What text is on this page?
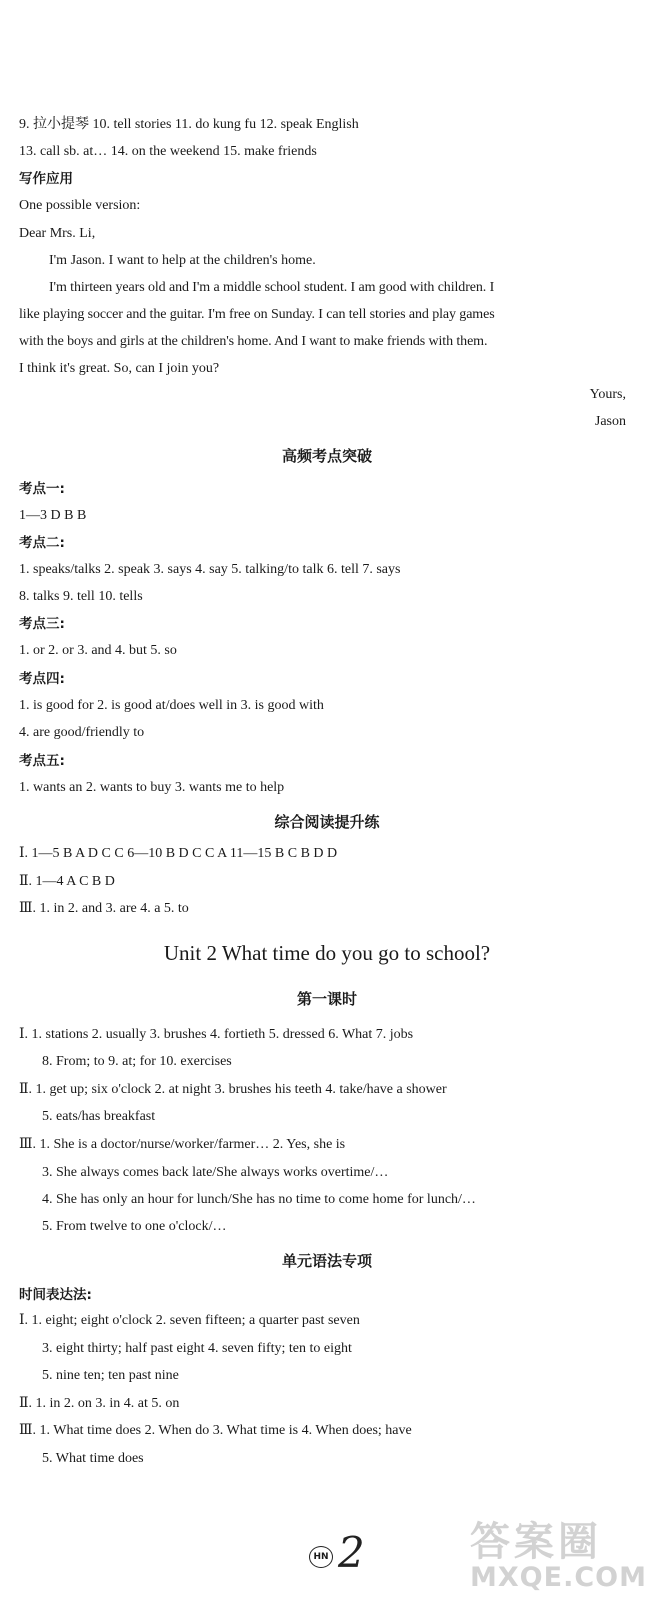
9. 拉小提琴 10. tell stories 11. do kung fu 12. speak English
13. call sb. at… 14. on the weekend 15. make friends
写作应用
One possible version:
Dear Mrs. Li,
I'm Jason. I want to help at the children's home.
I'm thirteen years old and I'm a middle school student. I am good with children. I
like playing soccer and the guitar. I'm free on Sunday. I can tell stories and play games
with the boys and girls at the children's home. And I want to make friends with them.
I think it's great. So, can I join you?
Yours,
Jason
高频考点突破
考点一:
1—3 D B B
考点二:
1. speaks/talks 2. speak 3. says 4. say 5. talking/to talk 6. tell 7. says
8. talks 9. tell 10. tells
考点三:
1. or 2. or 3. and 4. but 5. so
考点四:
1. is good for 2. is good at/does well in 3. is good with
4. are good/friendly to
考点五:
1. wants an 2. wants to buy 3. wants me to help
综合阅读提升练
Ⅰ. 1—5 B A D C C 6—10 B D C C A 11—15 B C B D D
Ⅱ. 1—4 A C B D
Ⅲ. 1. in 2. and 3. are 4. a 5. to
Unit 2 What time do you go to school?
第一课时
Ⅰ. 1. stations 2. usually 3. brushes 4. fortieth 5. dressed 6. What 7. jobs
8. From; to 9. at; for 10. exercises
Ⅱ. 1. get up; six o'clock 2. at night 3. brushes his teeth 4. take/have a shower
5. eats/has breakfast
Ⅲ. 1. She is a doctor/nurse/worker/farmer… 2. Yes, she is
3. She always comes back late/She always works overtime/…
4. She has only an hour for lunch/She has no time to come home for lunch/…
5. From twelve to one o'clock/…
单元语法专项
时间表达法:
Ⅰ. 1. eight; eight o'clock 2. seven fifteen; a quarter past seven
3. eight thirty; half past eight 4. seven fifty; ten to eight
5. nine ten; ten past nine
Ⅱ. 1. in 2. on 3. in 4. at 5. on
Ⅲ. 1. What time does 2. When do 3. What time is 4. When does; have
5. What time does
HN 2	答案圈
MXQE.COM
